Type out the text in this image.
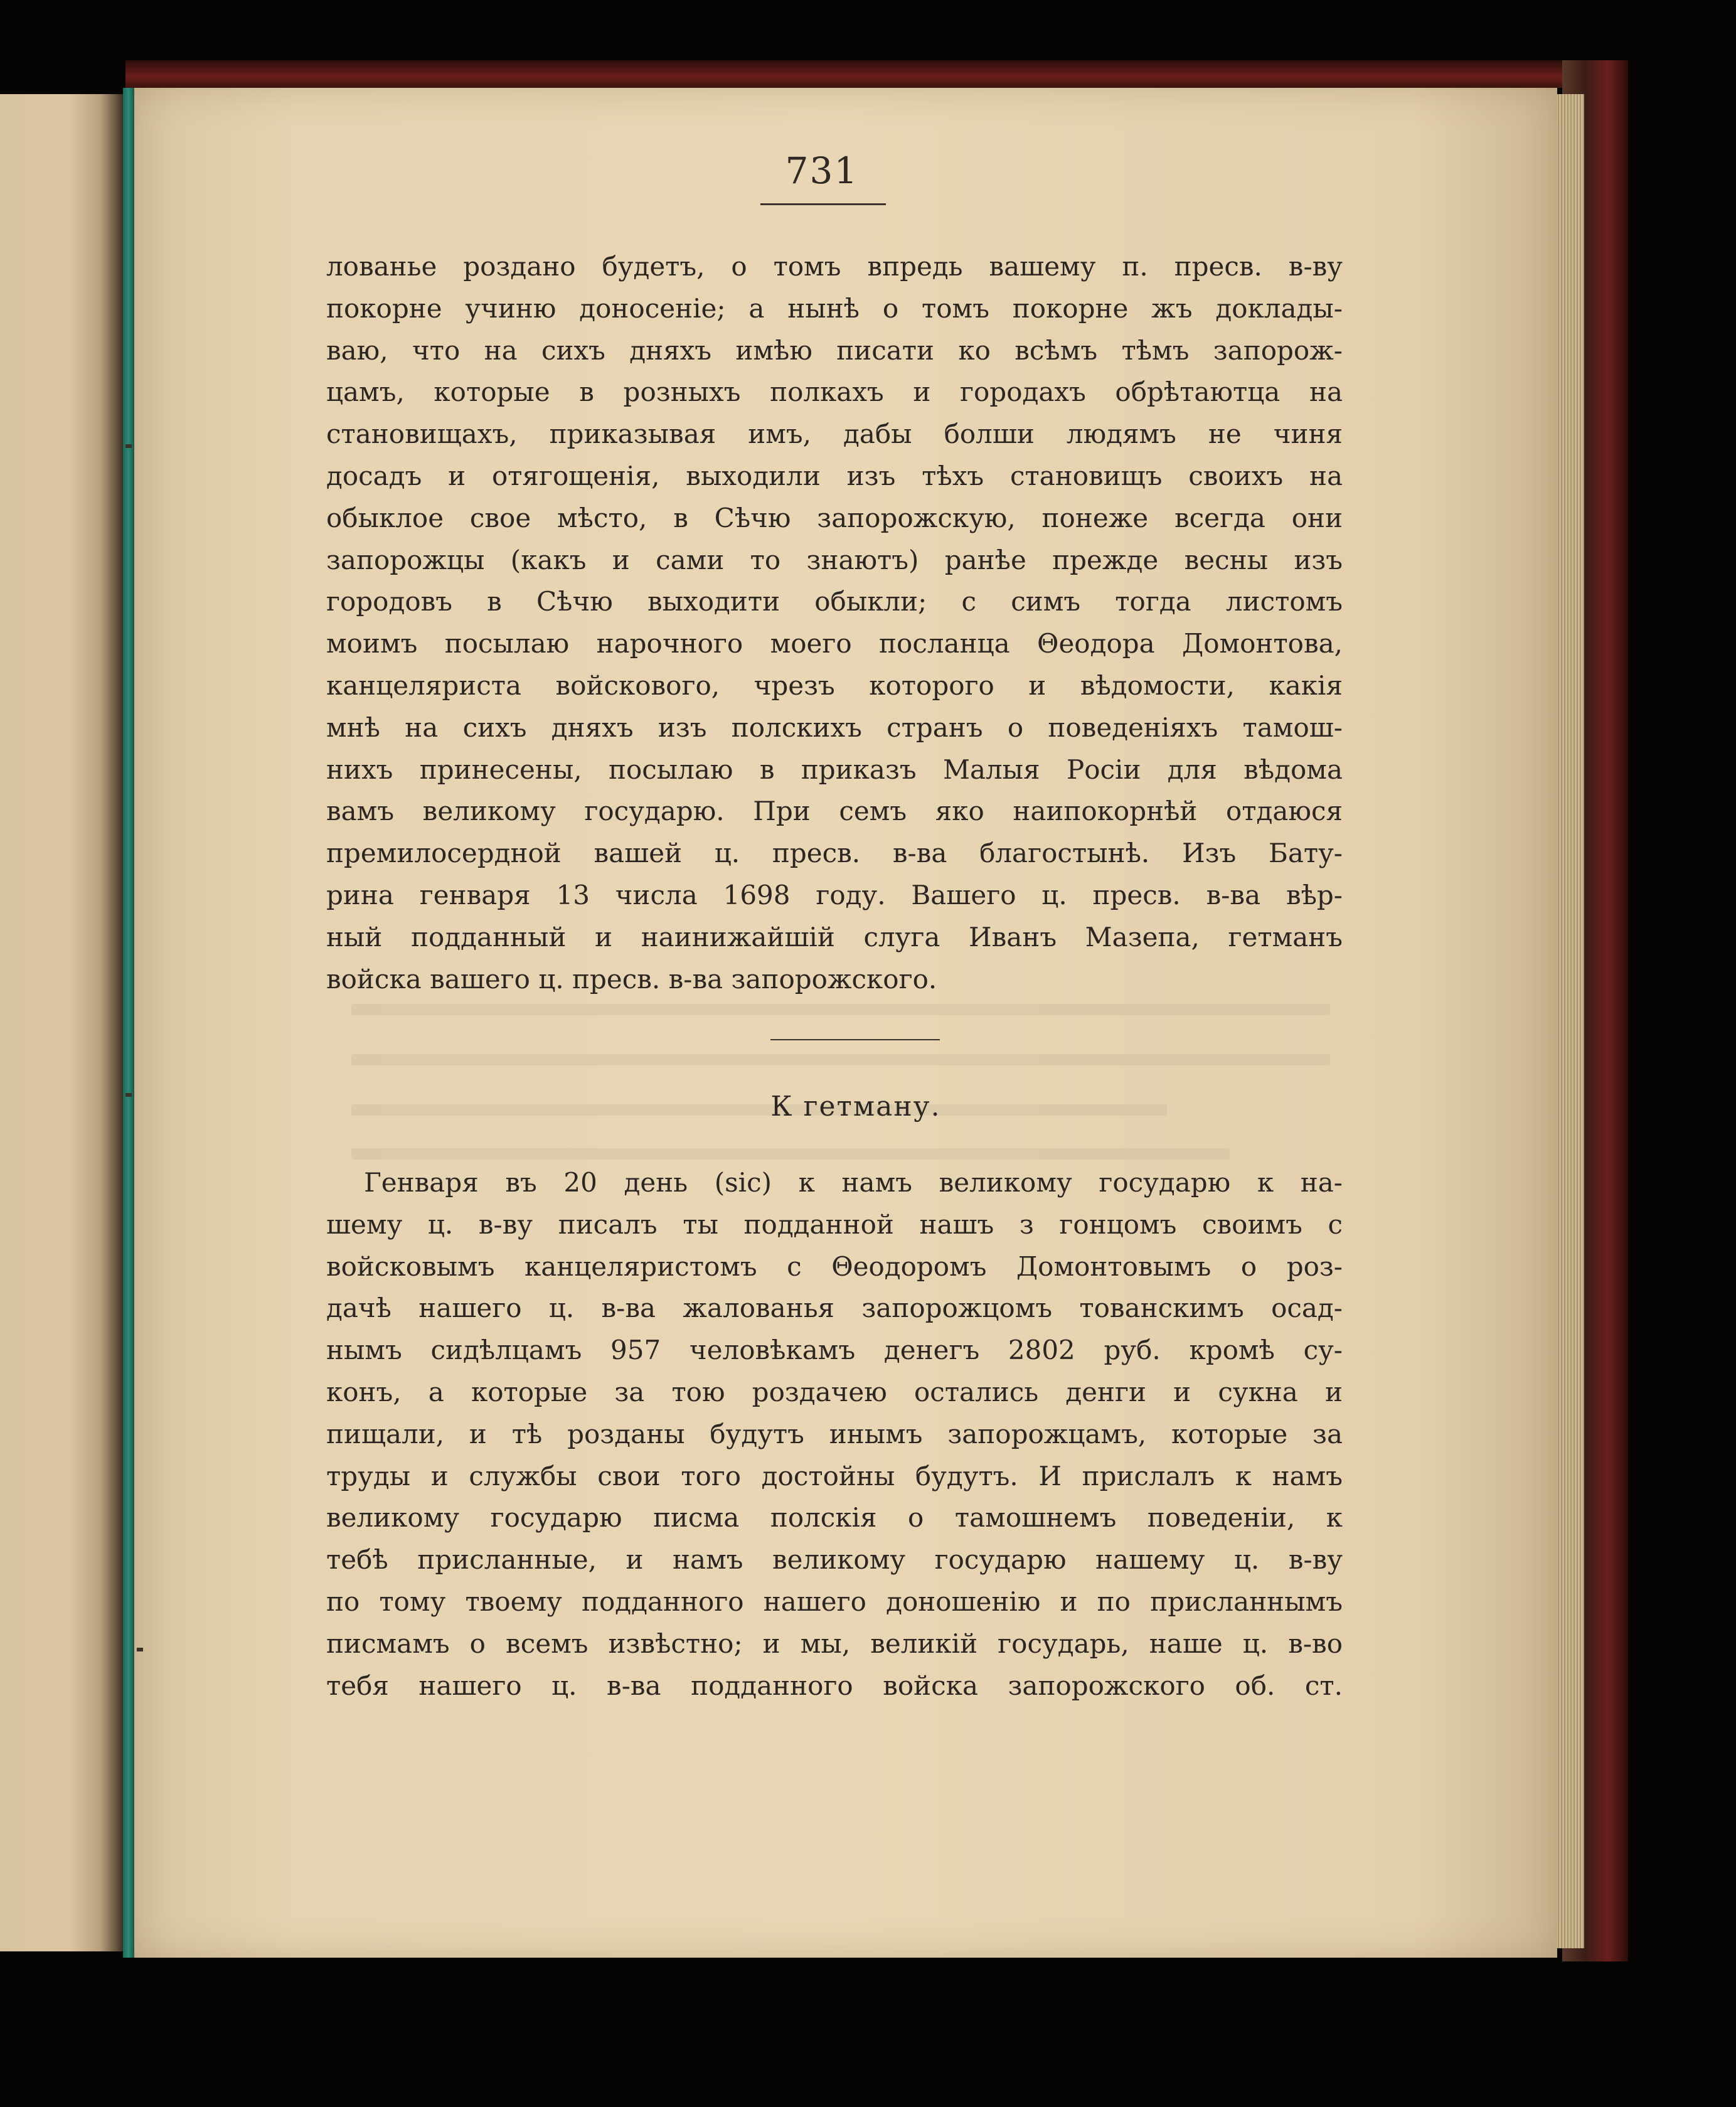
731
лованье роздано будетъ, о томъ впредь вашему п. пресв. в-ву
покорне учиню доносеніе; а нынѣ о томъ покорне жъ доклады-
ваю, что на сихъ дняхъ имѣю писати ко всѣмъ тѣмъ запорож-
цамъ, которые в розныхъ полкахъ и городахъ обрѣтаютца на
становищахъ, приказывая имъ, дабы болши людямъ не чиня
досадъ и отягощенія, выходили изъ тѣхъ становищъ своихъ на
обыклое свое мѣсто, в Сѣчю запорожскую, понеже всегда они
запорожцы (какъ и сами то знаютъ) ранѣе прежде весны изъ
городовъ в Сѣчю выходити обыкли; с симъ тогда листомъ
моимъ посылаю нарочного моего посланца Θеодора Домонтова,
канцеляриста войскового, чрезъ которого и вѣдомости, какія
мнѣ на сихъ дняхъ изъ полскихъ странъ о поведеніяхъ тамош-
нихъ принесены, посылаю в приказъ Малыя Росіи для вѣдома
вамъ великому государю. При семъ яко наипокорнѣй отдаюся
премилосердной вашей ц. пресв. в-ва благостынѣ. Изъ Бату-
рина генваря 13 числа 1698 году. Вашего ц. пресв. в-ва вѣр-
ный подданный и наинижайшій слуга Иванъ Мазепа, гетманъ
войска вашего ц. пресв. в-ва запорожского.
К гетману.
Генваря въ 20 день (sic) к намъ великому государю к на-
шему ц. в-ву писалъ ты подданной нашъ з гонцомъ своимъ с
войсковымъ канцеляристомъ с Θеодоромъ Домонтовымъ о роз-
дачѣ нашего ц. в-ва жалованья запорожцомъ тованскимъ осад-
нымъ сидѣлцамъ 957 человѣкамъ денегъ 2802 руб. кромѣ су-
конъ, а которые за тою роздачею остались денги и сукна и
пищали, и тѣ розданы будутъ инымъ запорожцамъ, которые за
труды и службы свои того достойны будутъ. И прислалъ к намъ
великому государю писма полскія о тамошнемъ поведеніи, к
тебѣ присланные, и намъ великому государю нашему ц. в-ву
по тому твоему подданного нашего доношенію и по присланнымъ
писмамъ о всемъ извѣстно; и мы, великій государь, наше ц. в-во
тебя нашего ц. в-ва подданного войска запорожского об. ст.
